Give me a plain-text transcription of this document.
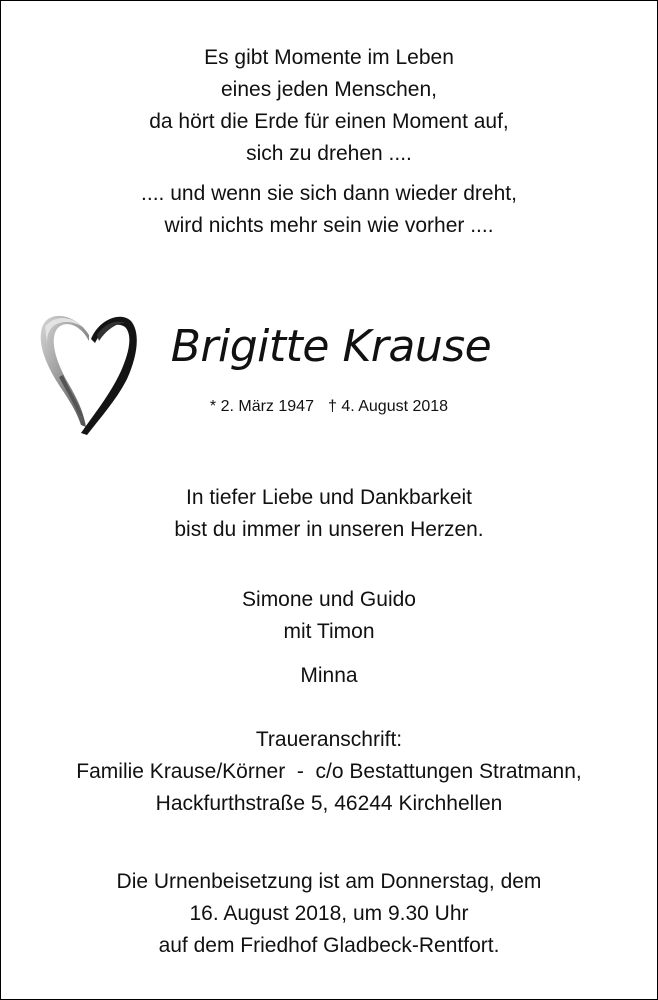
Es gibt Momente im Leben
eines jeden Menschen,
da hört die Erde für einen Moment auf,
sich zu drehen ....
.... und wenn sie sich dann wieder dreht,
wird nichts mehr sein wie vorher ....
Brigitte Krause
* 2. März 1947 † 4. August 2018
In tiefer Liebe und Dankbarkeit
bist du immer in unseren Herzen.
Simone und Guido
mit Timon
Minna
Traueranschrift:
Familie Krause/Körner  -  c/o Bestattungen Stratmann,
Hackfurthstraße 5, 46244 Kirchhellen
Die Urnenbeisetzung ist am Donnerstag, dem
16. August 2018, um 9.30 Uhr
auf dem Friedhof Gladbeck-Rentfort.
